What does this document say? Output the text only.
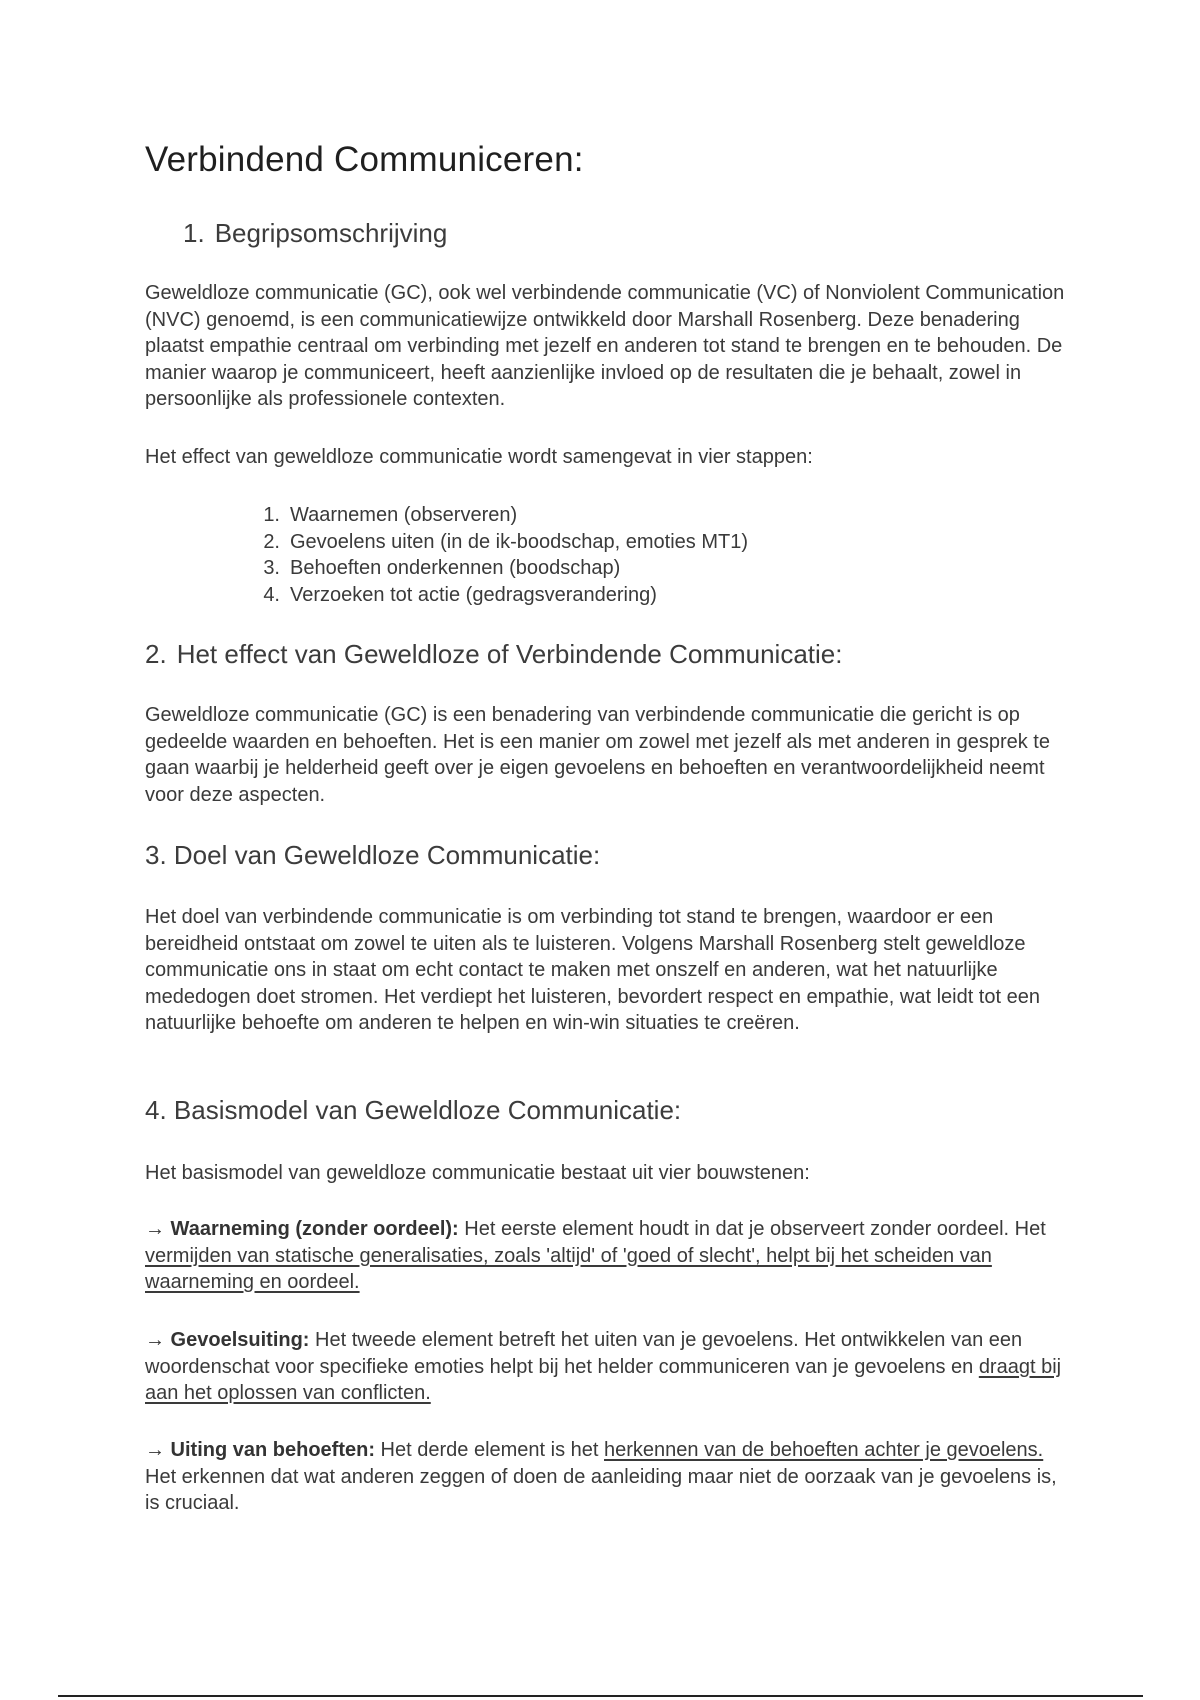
Verbindend Communiceren:
1. Begripsomschrijving

Geweldloze communicatie (GC), ook wel verbindende communicatie (VC) of Nonviolent Communication (NVC) genoemd, is een communicatiewijze ontwikkeld door Marshall Rosenberg. Deze benadering plaatst empathie centraal om verbinding met jezelf en anderen tot stand te brengen en te behouden. De manier waarop je communiceert, heeft aanzienlijke invloed op de resultaten die je behaalt, zowel in persoonlijke als professionele contexten.

Het effect van geweldloze communicatie wordt samengevat in vier stappen:

1. Waarnemen (observeren)
2. Gevoelens uiten (in de ik-boodschap, emoties MT1)
3. Behoeften onderkennen (boodschap)
4. Verzoeken tot actie (gedragsverandering)
2. Het effect van Geweldloze of Verbindende Communicatie:

Geweldloze communicatie (GC) is een benadering van verbindende communicatie die gericht is op gedeelde waarden en behoeften. Het is een manier om zowel met jezelf als met anderen in gesprek te gaan waarbij je helderheid geeft over je eigen gevoelens en behoeften en verantwoordelijkheid neemt voor deze aspecten.

3. Doel van Geweldloze Communicatie:

Het doel van verbindende communicatie is om verbinding tot stand te brengen, waardoor er een bereidheid ontstaat om zowel te uiten als te luisteren. Volgens Marshall Rosenberg stelt geweldloze communicatie ons in staat om echt contact te maken met onszelf en anderen, wat het natuurlijke mededogen doet stromen. Het verdiept het luisteren, bevordert respect en empathie, wat leidt tot een natuurlijke behoefte om anderen te helpen en win-win situaties te creëren.

4. Basismodel van Geweldloze Communicatie:

Het basismodel van geweldloze communicatie bestaat uit vier bouwstenen:

→ Waarneming (zonder oordeel): Het eerste element houdt in dat je observeert zonder oordeel. Het vermijden van statische generalisaties, zoals 'altijd' of 'goed of slecht', helpt bij het scheiden van waarneming en oordeel.

→ Gevoelsuiting: Het tweede element betreft het uiten van je gevoelens. Het ontwikkelen van een woordenschat voor specifieke emoties helpt bij het helder communiceren van je gevoelens en draagt bij aan het oplossen van conflicten.

→ Uiting van behoeften: Het derde element is het herkennen van de behoeften achter je gevoelens. Het erkennen dat wat anderen zeggen of doen de aanleiding maar niet de oorzaak van je gevoelens is, is cruciaal.
